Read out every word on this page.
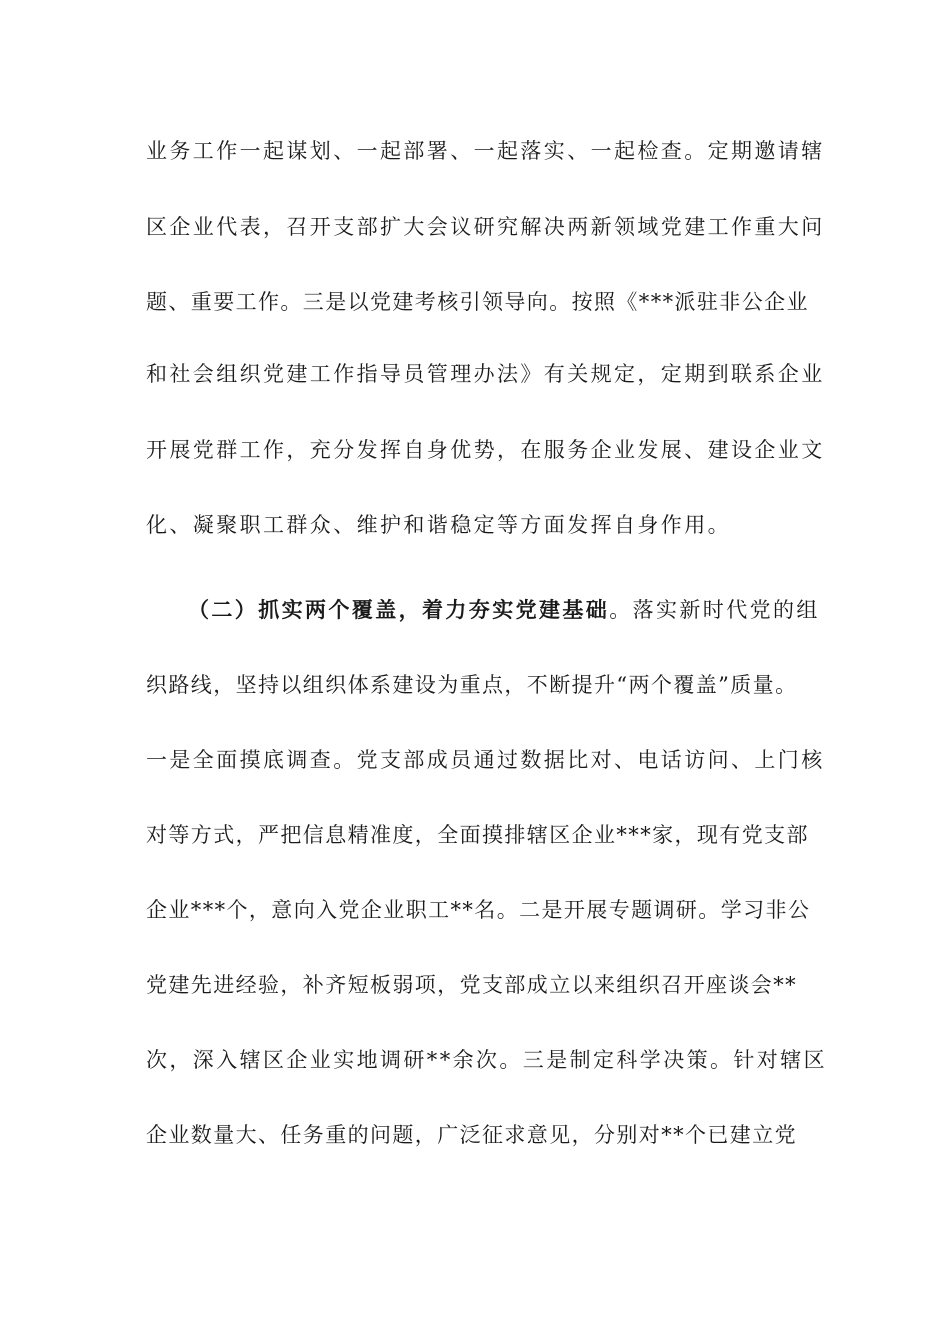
业务工作一起谋划、一起部署、一起落实、一起检查。定期邀请辖
区企业代表，召开支部扩大会议研究解决两新领域党建工作重大问
题、重要工作。三是以党建考核引领导向。按照《***派驻非公企业
和社会组织党建工作指导员管理办法》有关规定，定期到联系企业
开展党群工作，充分发挥自身优势，在服务企业发展、建设企业文
化、凝聚职工群众、维护和谐稳定等方面发挥自身作用。
（二）抓实两个覆盖，着力夯实党建基础。落实新时代党的组
织路线，坚持以组织体系建设为重点，不断提升“两个覆盖”质量。
一是全面摸底调查。党支部成员通过数据比对、电话访问、上门核
对等方式，严把信息精准度，全面摸排辖区企业***家，现有党支部
企业***个，意向入党企业职工**名。二是开展专题调研。学习非公
党建先进经验，补齐短板弱项，党支部成立以来组织召开座谈会**
次，深入辖区企业实地调研**余次。三是制定科学决策。针对辖区
企业数量大、任务重的问题，广泛征求意见，分别对**个已建立党
